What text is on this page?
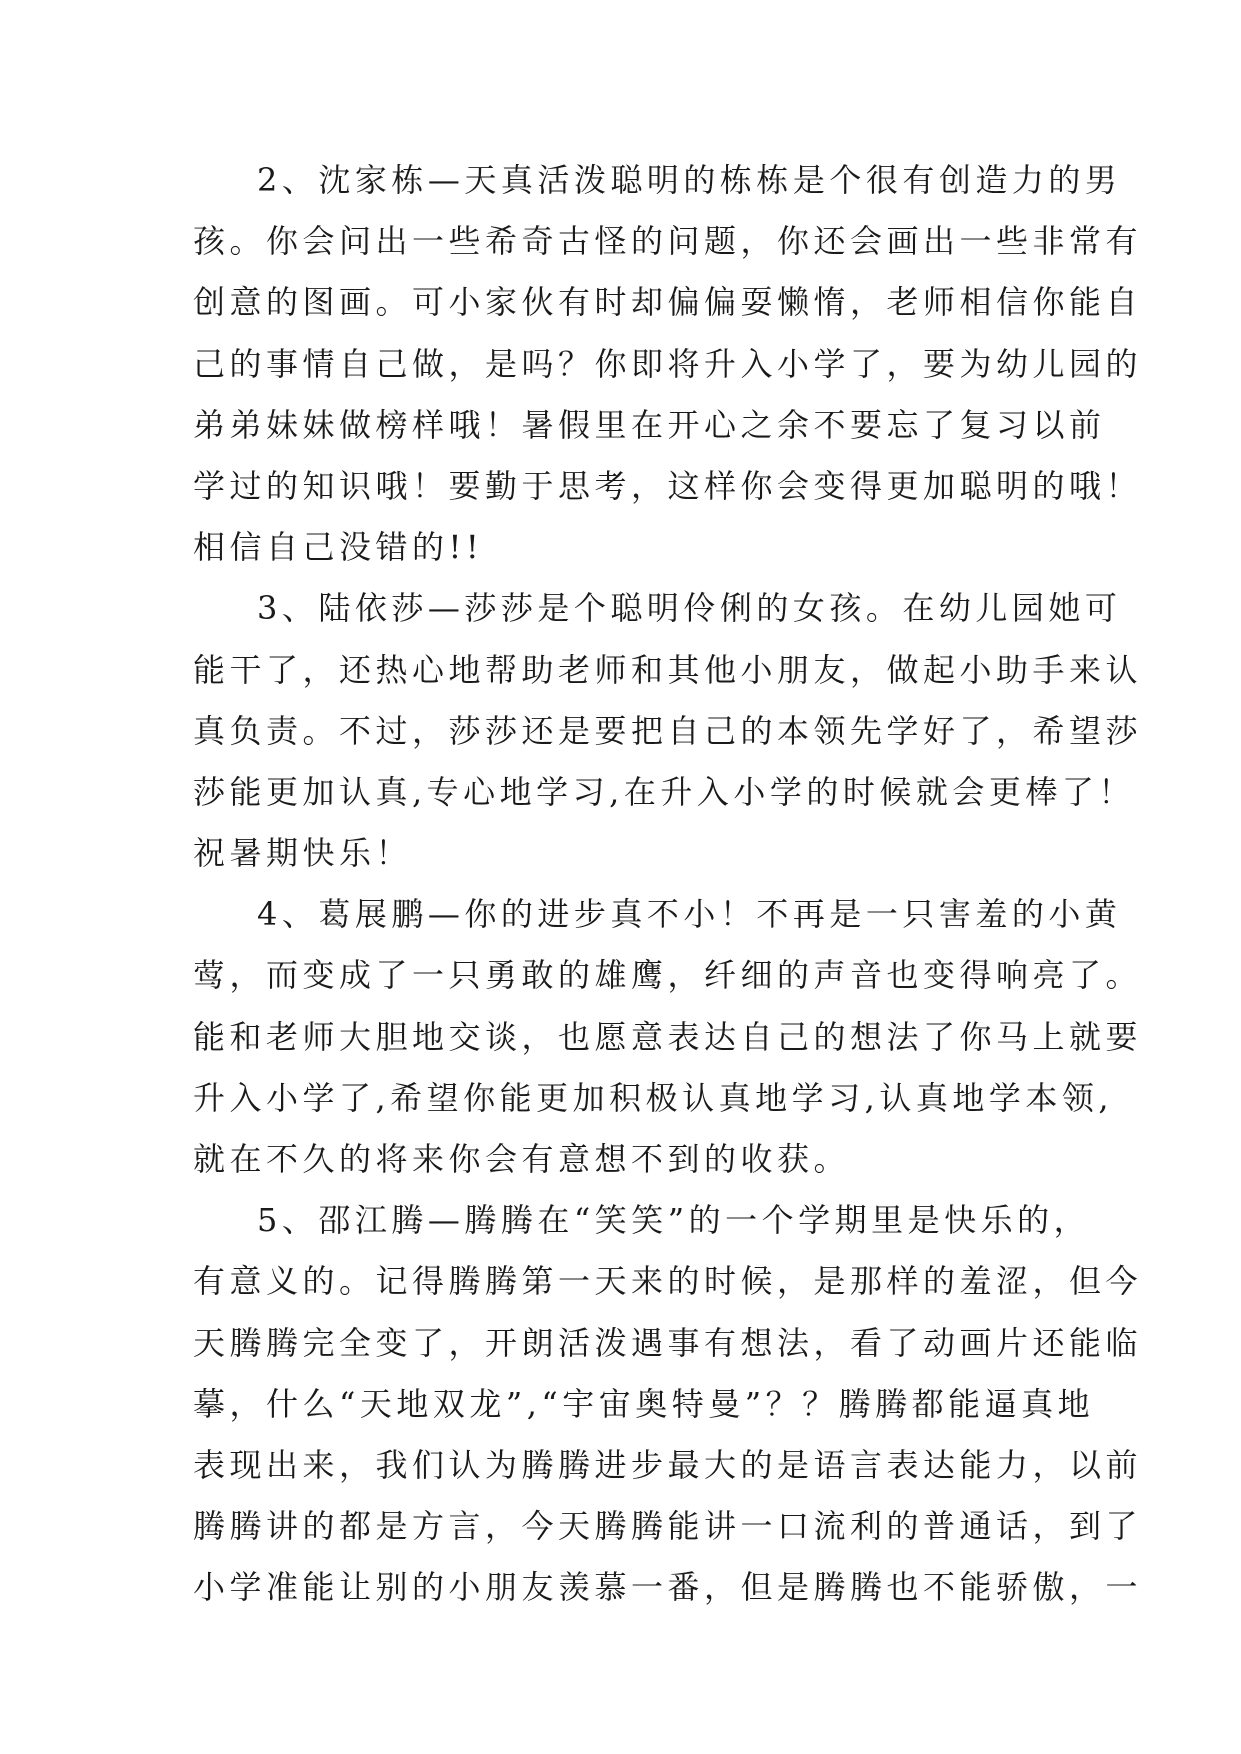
2、沈家栋—天真活泼聪明的栋栋是个很有创造力的男
孩。你会问出一些希奇古怪的问题，你还会画出一些非常有
创意的图画。可小家伙有时却偏偏耍懒惰，老师相信你能自
己的事情自己做，是吗？你即将升入小学了，要为幼儿园的
弟弟妹妹做榜样哦！暑假里在开心之余不要忘了复习以前
学过的知识哦！要勤于思考，这样你会变得更加聪明的哦！
相信自己没错的!!
3、陆依莎—莎莎是个聪明伶俐的女孩。在幼儿园她可
能干了，还热心地帮助老师和其他小朋友，做起小助手来认
真负责。不过，莎莎还是要把自己的本领先学好了，希望莎
莎能更加认真,专心地学习,在升入小学的时候就会更棒了！
祝暑期快乐！
4、葛展鹏—你的进步真不小！不再是一只害羞的小黄
莺，而变成了一只勇敢的雄鹰，纤细的声音也变得响亮了。
能和老师大胆地交谈，也愿意表达自己的想法了你马上就要
升入小学了,希望你能更加积极认真地学习,认真地学本领,
就在不久的将来你会有意想不到的收获。
5、邵江腾—腾腾在“笑笑”的一个学期里是快乐的，
有意义的。记得腾腾第一天来的时候，是那样的羞涩，但今
天腾腾完全变了，开朗活泼遇事有想法，看了动画片还能临
摹，什么“天地双龙”,“宇宙奥特曼”？？腾腾都能逼真地
表现出来，我们认为腾腾进步最大的是语言表达能力，以前
腾腾讲的都是方言，今天腾腾能讲一口流利的普通话，到了
小学准能让别的小朋友羡慕一番，但是腾腾也不能骄傲，一
